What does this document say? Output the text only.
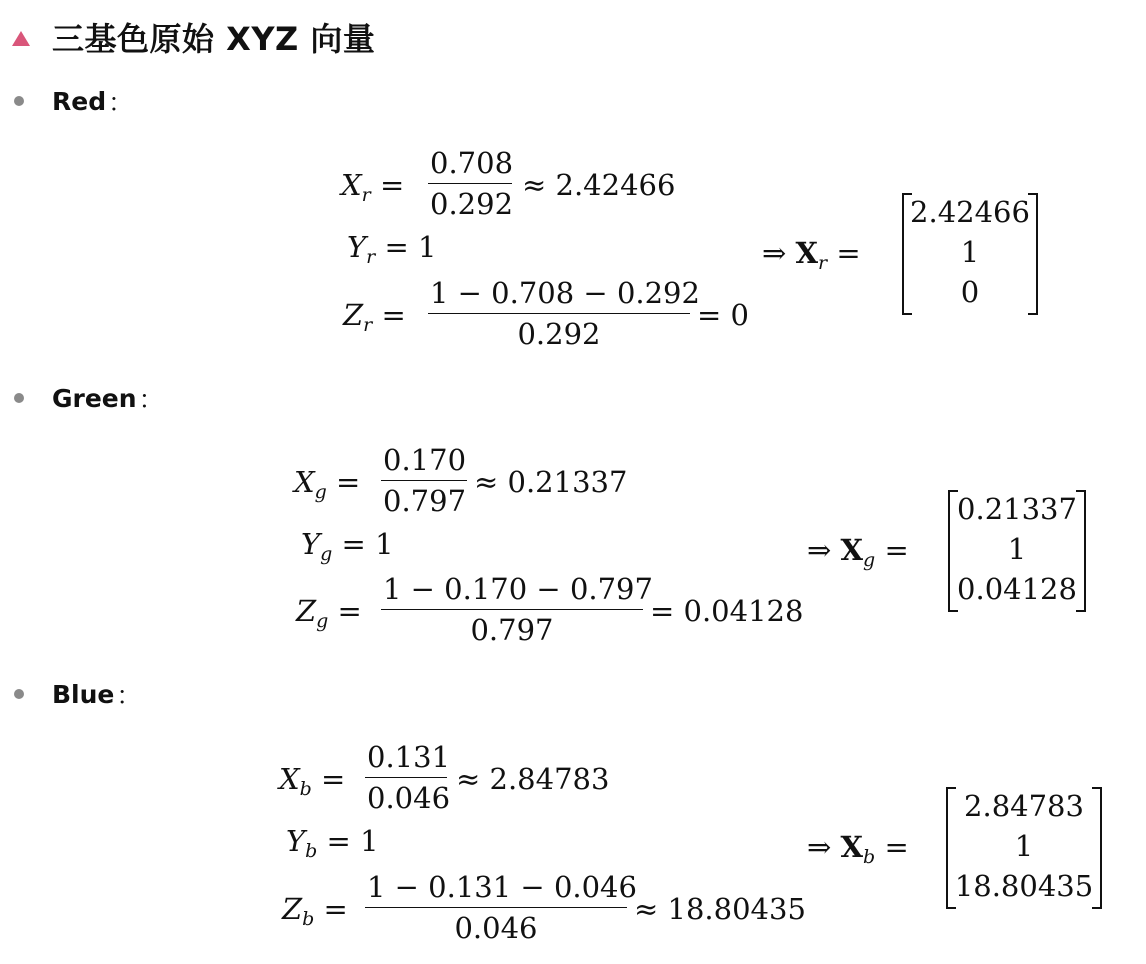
三基色原始 XYZ 向量
Red ：
$X_r$ =
0.708
0.292
≈ 2.42466
$Y_r = 1$
$Z_r$ =
1 − 0.708 − 0.292
0.292
= 0
⇒ $X_r$ =
2.42466
1
0
Green ：
$X_g$ =
0.170
0.797
≈ 0.21337
$Y_g = 1$
$Z_g$ =
1 − 0.170 − 0.797
0.797
= 0.04128
⇒ $X_g$ =
0.21337
1
0.04128
Blue ：
$X_b$ =
0.131
0.046
≈ 2.84783
$Y_b = 1$
$Z_b$ =
1 − 0.131 − 0.046
0.046
≈ 18.80435
⇒ $X_b$ =
2.84783
1
18.80435
